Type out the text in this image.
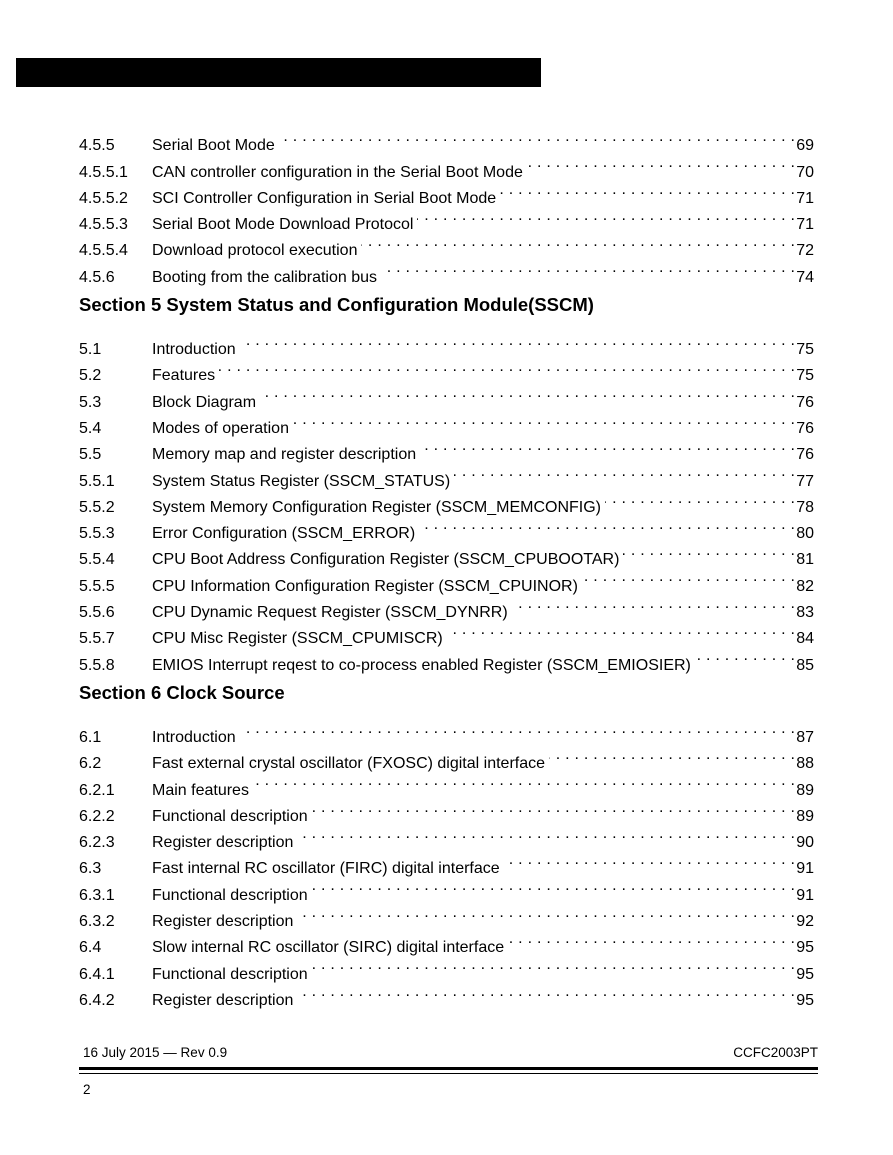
4.5.5	Serial Boot Mode . . .	69
4.5.5.1	CAN controller configuration in the Serial Boot Mode . . .	70
4.5.5.2	SCI Controller Configuration in Serial Boot Mode . . .	71
4.5.5.3	Serial Boot Mode Download Protocol . . .	71
4.5.5.4	Download protocol execution . . .	72
4.5.6	Booting from the calibration bus . . .	74
Section 5 System Status and Configuration Module(SSCM)
5.1	Introduction . . .	75
5.2	Features . . .	75
5.3	Block Diagram . . .	76
5.4	Modes of operation . . .	76
5.5	Memory map and register description . . .	76
5.5.1	System Status Register (SSCM_STATUS) . . .	77
5.5.2	System Memory Configuration Register (SSCM_MEMCONFIG) . . .	78
5.5.3	Error Configuration (SSCM_ERROR) . . .	80
5.5.4	CPU Boot Address Configuration Register (SSCM_CPUBOOTAR) . . .	81
5.5.5	CPU Information Configuration Register (SSCM_CPUINOR) . . .	82
5.5.6	CPU Dynamic Request Register (SSCM_DYNRR) . . .	83
5.5.7	CPU Misc Register (SSCM_CPUMISCR) . . .	84
5.5.8	EMIOS Interrupt reqest to co-process enabled Register (SSCM_EMIOSIER) . . .	85
Section 6 Clock Source
6.1	Introduction . . .	87
6.2	Fast external crystal oscillator (FXOSC) digital interface . . .	88
6.2.1	Main features . . .	89
6.2.2	Functional description . . .	89
6.2.3	Register description . . .	90
6.3	Fast internal RC oscillator (FIRC) digital interface . . .	91
6.3.1	Functional description . . .	91
6.3.2	Register description . . .	92
6.4	Slow internal RC oscillator (SIRC) digital interface . . .	95
6.4.1	Functional description . . .	95
6.4.2	Register description . . .	95
16 July 2015 — Rev 0.9	CCFC2003PT
2
